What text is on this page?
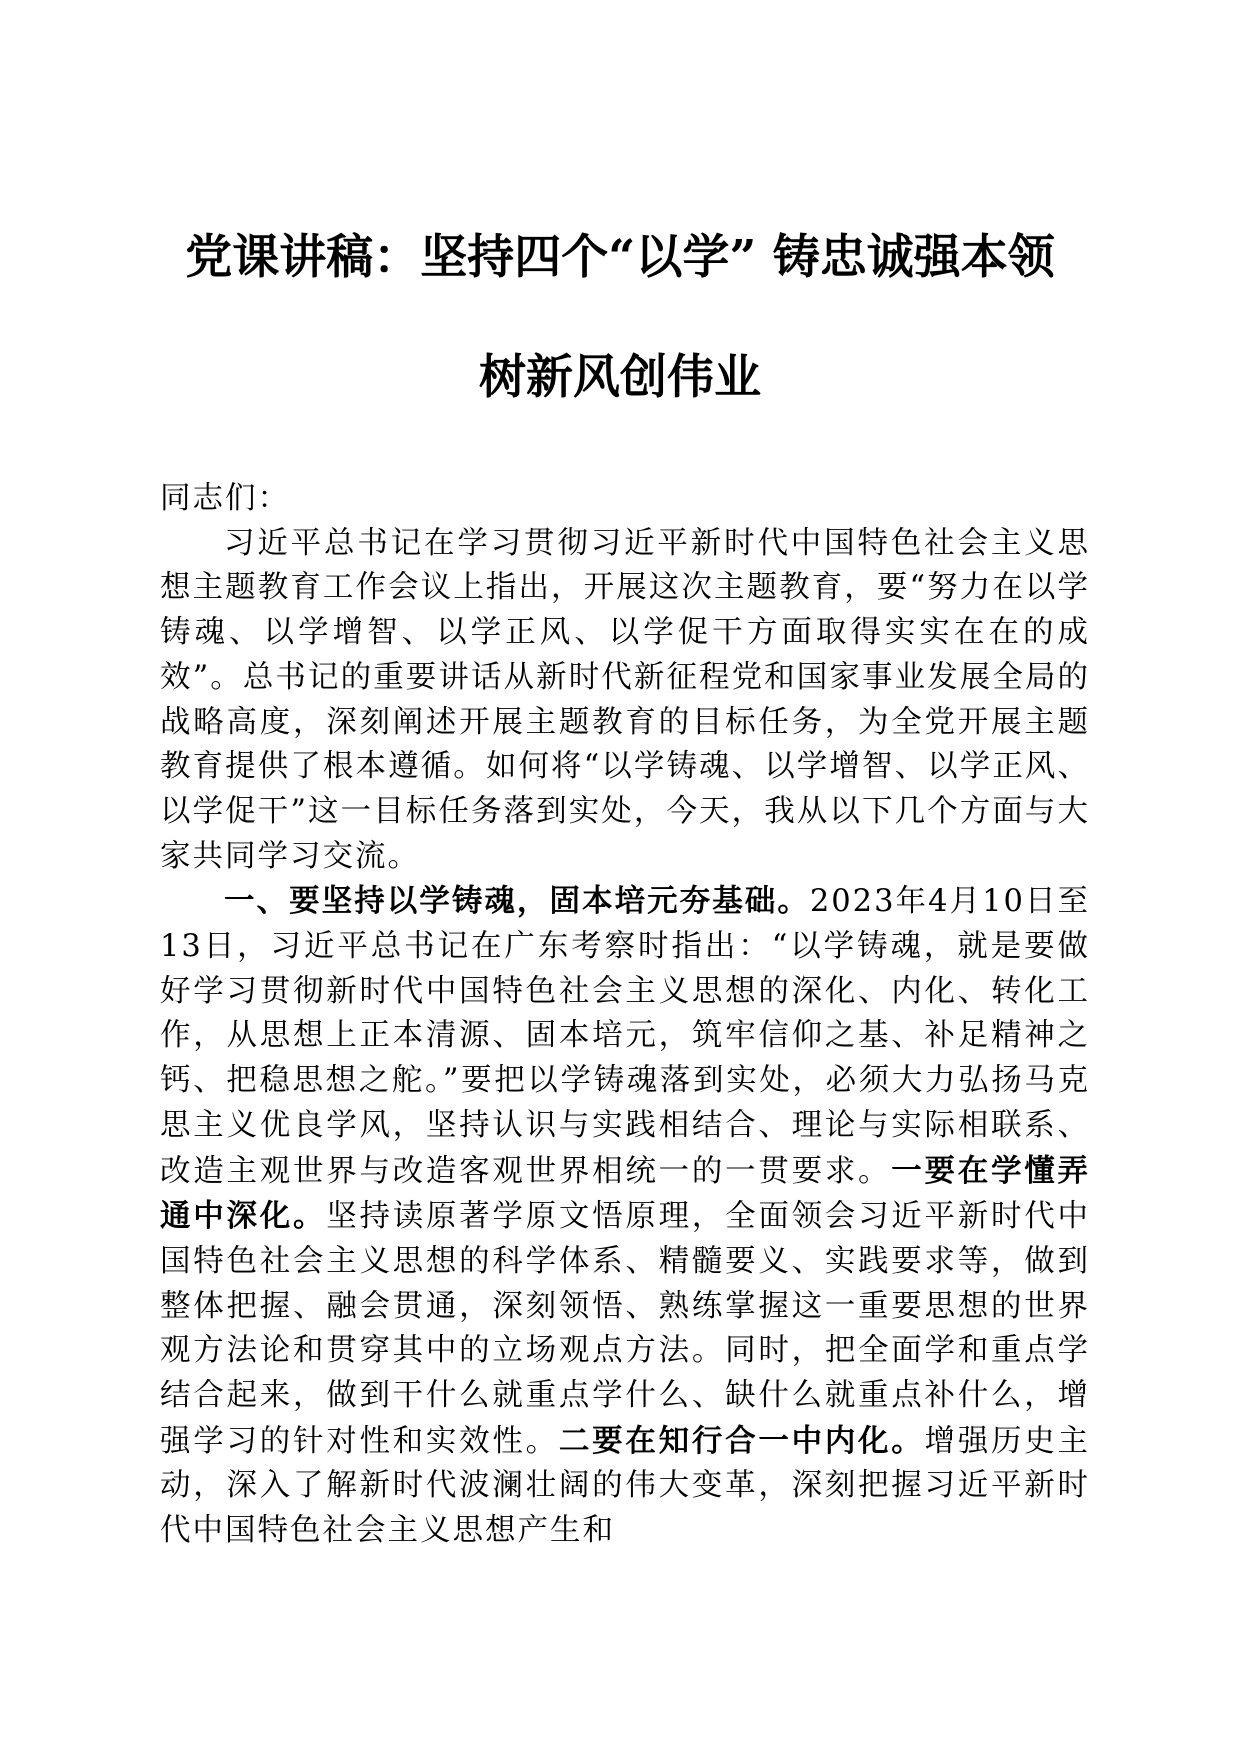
党课讲稿：坚持四个“以学” 铸忠诚强本领
树新风创伟业

同志们：

习近平总书记在学习贯彻习近平新时代中国特色社会主义思想主题教育工作会议上指出，开展这次主题教育，要“努力在以学铸魂、以学增智、以学正风、以学促干方面取得实实在在的成效”。总书记的重要讲话从新时代新征程党和国家事业发展全局的战略高度，深刻阐述开展主题教育的目标任务，为全党开展主题教育提供了根本遵循。如何将“以学铸魂、以学增智、以学正风、以学促干”这一目标任务落到实处，今天，我从以下几个方面与大家共同学习交流。

一、要坚持以学铸魂，固本培元夯基础。2023年4月10日至13日，习近平总书记在广东考察时指出：“以学铸魂，就是要做好学习贯彻新时代中国特色社会主义思想的深化、内化、转化工作，从思想上正本清源、固本培元，筑牢信仰之基、补足精神之钙、把稳思想之舵。”要把以学铸魂落到实处，必须大力弘扬马克思主义优良学风，坚持认识与实践相结合、理论与实际相联系、改造主观世界与改造客观世界相统一的一贯要求。一要在学懂弄通中深化。坚持读原著学原文悟原理，全面领会习近平新时代中国特色社会主义思想的科学体系、精髓要义、实践要求等，做到整体把握、融会贯通，深刻领悟、熟练掌握这一重要思想的世界观方法论和贯穿其中的立场观点方法。同时，把全面学和重点学结合起来，做到干什么就重点学什么、缺什么就重点补什么，增强学习的针对性和实效性。二要在知行合一中内化。增强历史主动，深入了解新时代波澜壮阔的伟大变革，深刻把握习近平新时代中国特色社会主义思想产生和
